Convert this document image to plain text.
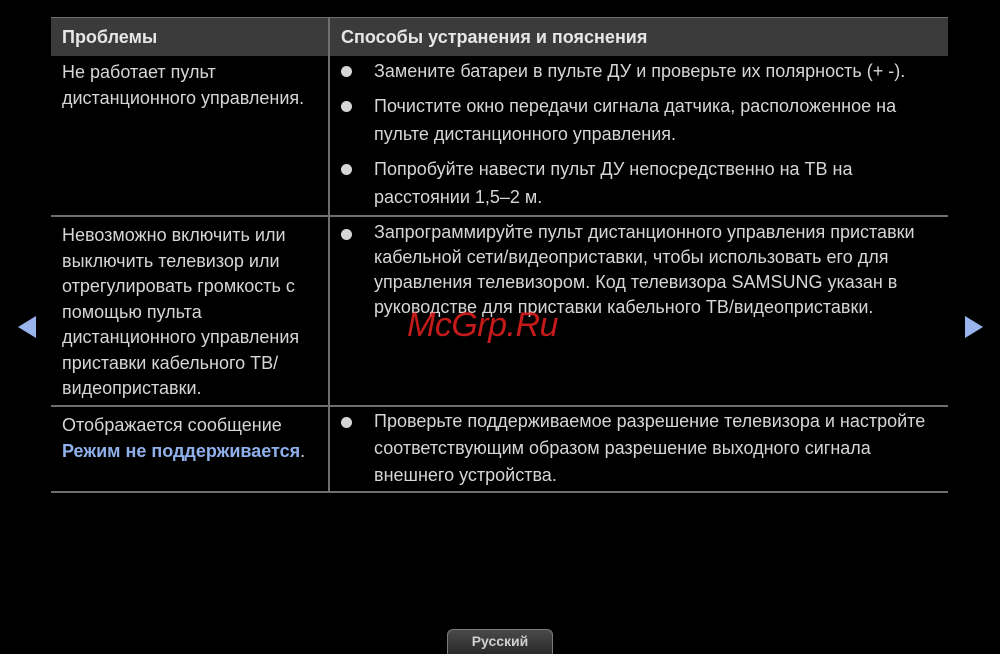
Проблемы	Способы устранения и пояснения
Не работает пульт дистанционного управления.
Замените батареи в пульте ДУ и проверьте их полярность (+ -).
Почистите окно передачи сигнала датчика, расположенное на пульте дистанционного управления.
Попробуйте навести пульт ДУ непосредственно на ТВ на расстоянии 1,5–2 м.
Невозможно включить или выключить телевизор или отрегулировать громкость с помощью пульта дистанционного управления приставки кабельного ТВ/видеоприставки.
Запрограммируйте пульт дистанционного управления приставки кабельной сети/видеоприставки, чтобы использовать его для управления телевизором. Код телевизора SAMSUNG указан в руководстве для приставки кабельного ТВ/видеоприставки.
Отображается сообщение Режим не поддерживается.
Проверьте поддерживаемое разрешение телевизора и настройте соответствующим образом разрешение выходного сигнала внешнего устройства.
McGrp.Ru
Русский
